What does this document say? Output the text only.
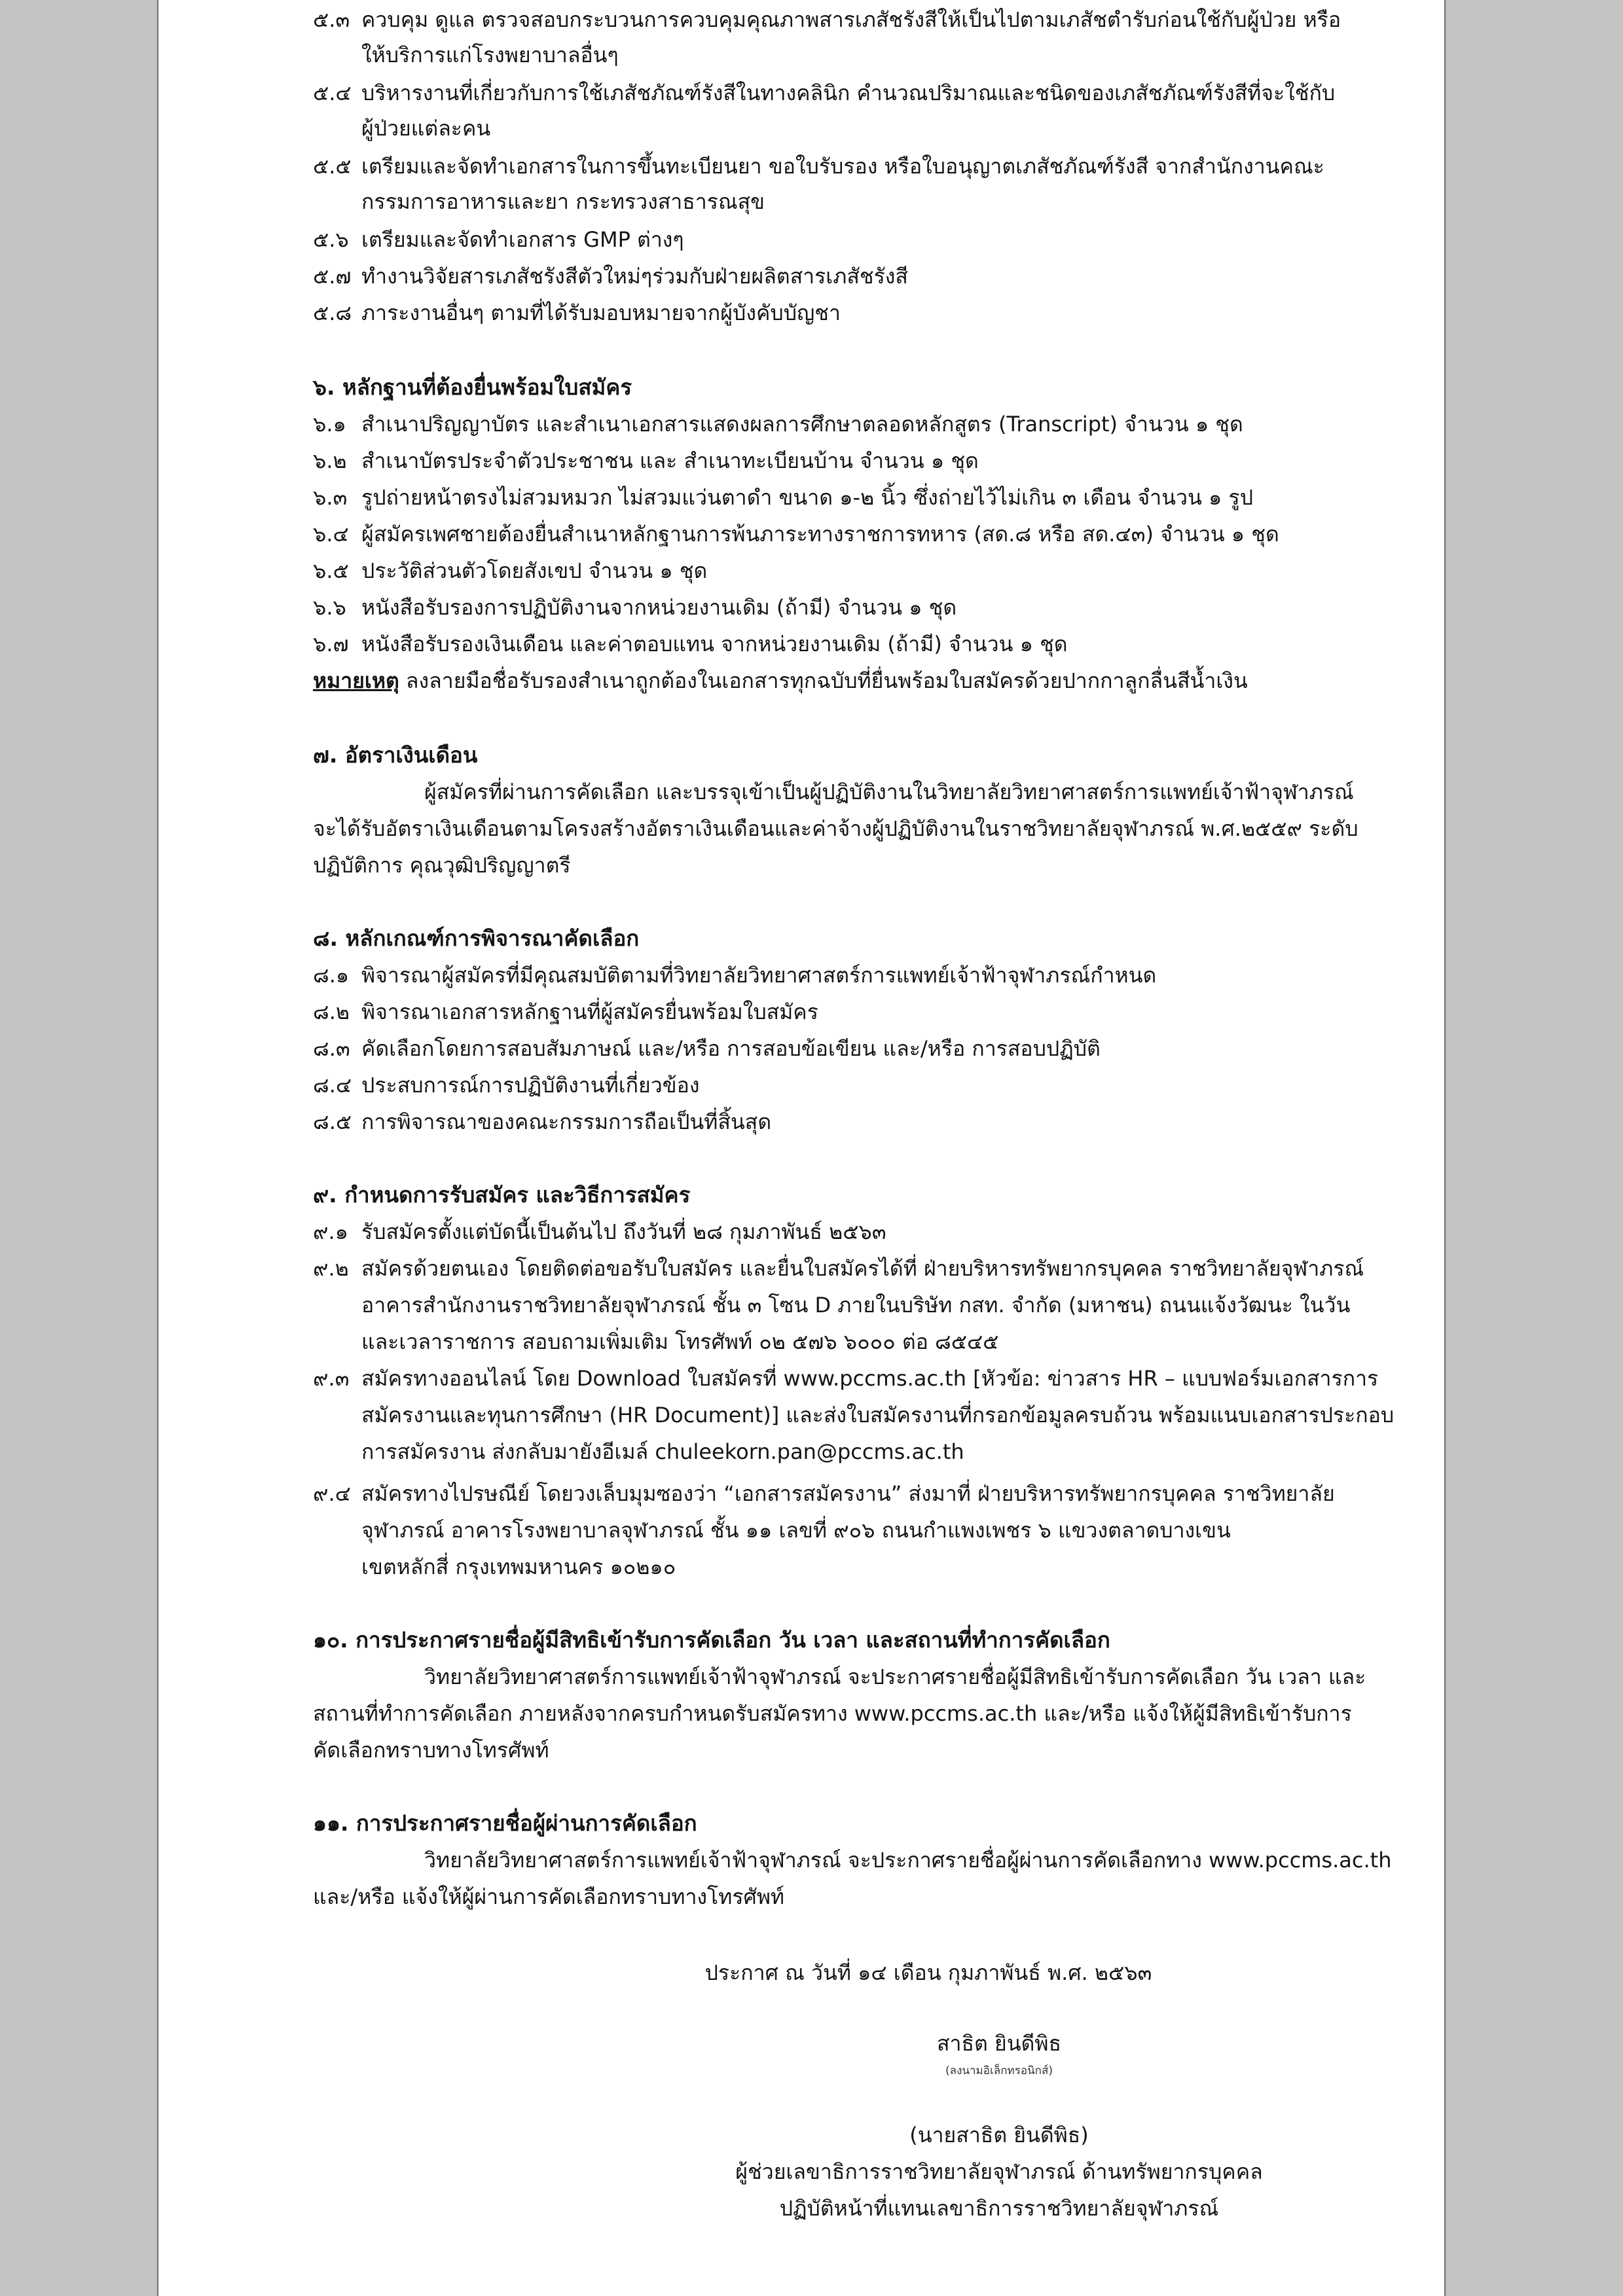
๕.๓ ควบคุม ดูแล ตรวจสอบกระบวนการควบคุมคุณภาพสารเภสัชรังสีให้เป็นไปตามเภสัชตำรับก่อนใช้กับผู้ป่วย หรือ
ให้บริการแก่โรงพยาบาลอื่นๆ
๕.๔ บริหารงานที่เกี่ยวกับการใช้เภสัชภัณฑ์รังสีในทางคลินิก คำนวณปริมาณและชนิดของเภสัชภัณฑ์รังสีที่จะใช้กับ
ผู้ป่วยแต่ละคน
๕.๕ เตรียมและจัดทำเอกสารในการขึ้นทะเบียนยา ขอใบรับรอง หรือใบอนุญาตเภสัชภัณฑ์รังสี จากสำนักงานคณะ
กรรมการอาหารและยา กระทรวงสาธารณสุข
๕.๖ เตรียมและจัดทำเอกสาร GMP ต่างๆ
๕.๗ ทำงานวิจัยสารเภสัชรังสีตัวใหม่ๆร่วมกับฝ่ายผลิตสารเภสัชรังสี
๕.๘ ภาระงานอื่นๆ ตามที่ได้รับมอบหมายจากผู้บังคับบัญชา
๖. หลักฐานที่ต้องยื่นพร้อมใบสมัคร
๖.๑ สำเนาปริญญาบัตร และสำเนาเอกสารแสดงผลการศึกษาตลอดหลักสูตร (Transcript) จำนวน ๑ ชุด
๖.๒ สำเนาบัตรประจำตัวประชาชน และ สำเนาทะเบียนบ้าน จำนวน ๑ ชุด
๖.๓ รูปถ่ายหน้าตรงไม่สวมหมวก ไม่สวมแว่นตาดำ ขนาด ๑-๒ นิ้ว ซึ่งถ่ายไว้ไม่เกิน ๓ เดือน จำนวน ๑ รูป
๖.๔ ผู้สมัครเพศชายต้องยื่นสำเนาหลักฐานการพ้นภาระทางราชการทหาร (สด.๘ หรือ สด.๔๓) จำนวน ๑ ชุด
๖.๕ ประวัติส่วนตัวโดยสังเขป จำนวน ๑ ชุด
๖.๖ หนังสือรับรองการปฏิบัติงานจากหน่วยงานเดิม (ถ้ามี) จำนวน ๑ ชุด
๖.๗ หนังสือรับรองเงินเดือน และค่าตอบแทน จากหน่วยงานเดิม (ถ้ามี) จำนวน ๑ ชุด
หมายเหตุ ลงลายมือชื่อรับรองสำเนาถูกต้องในเอกสารทุกฉบับที่ยื่นพร้อมใบสมัครด้วยปากกาลูกลื่นสีน้ำเงิน
๗. อัตราเงินเดือน
ผู้สมัครที่ผ่านการคัดเลือก และบรรจุเข้าเป็นผู้ปฏิบัติงานในวิทยาลัยวิทยาศาสตร์การแพทย์เจ้าฟ้าจุฬาภรณ์
จะได้รับอัตราเงินเดือนตามโครงสร้างอัตราเงินเดือนและค่าจ้างผู้ปฏิบัติงานในราชวิทยาลัยจุฬาภรณ์ พ.ศ.๒๕๕๙ ระดับ
ปฏิบัติการ คุณวุฒิปริญญาตรี
๘. หลักเกณฑ์การพิจารณาคัดเลือก
๘.๑ พิจารณาผู้สมัครที่มีคุณสมบัติตามที่วิทยาลัยวิทยาศาสตร์การแพทย์เจ้าฟ้าจุฬาภรณ์กำหนด
๘.๒ พิจารณาเอกสารหลักฐานที่ผู้สมัครยื่นพร้อมใบสมัคร
๘.๓ คัดเลือกโดยการสอบสัมภาษณ์ และ/หรือ การสอบข้อเขียน และ/หรือ การสอบปฏิบัติ
๘.๔ ประสบการณ์การปฏิบัติงานที่เกี่ยวข้อง
๘.๕ การพิจารณาของคณะกรรมการถือเป็นที่สิ้นสุด
๙. กำหนดการรับสมัคร และวิธีการสมัคร
๙.๑ รับสมัครตั้งแต่บัดนี้เป็นต้นไป ถึงวันที่ ๒๘ กุมภาพันธ์ ๒๕๖๓
๙.๒ สมัครด้วยตนเอง โดยติดต่อขอรับใบสมัคร และยื่นใบสมัครได้ที่ ฝ่ายบริหารทรัพยากรบุคคล ราชวิทยาลัยจุฬาภรณ์
อาคารสำนักงานราชวิทยาลัยจุฬาภรณ์ ชั้น ๓ โซน D ภายในบริษัท กสท. จำกัด (มหาชน) ถนนแจ้งวัฒนะ ในวัน
และเวลาราชการ สอบถามเพิ่มเติม โทรศัพท์ ๐๒ ๕๗๖ ๖๐๐๐ ต่อ ๘๕๔๕
๙.๓ สมัครทางออนไลน์ โดย Download ใบสมัครที่ www.pccms.ac.th [หัวข้อ: ข่าวสาร HR – แบบฟอร์มเอกสารการ
สมัครงานและทุนการศึกษา (HR Document)] และส่งใบสมัครงานที่กรอกข้อมูลครบถ้วน พร้อมแนบเอกสารประกอบ
การสมัครงาน ส่งกลับมายังอีเมล์ chuleekorn.pan@pccms.ac.th
๙.๔ สมัครทางไปรษณีย์ โดยวงเล็บมุมซองว่า “เอกสารสมัครงาน” ส่งมาที่ ฝ่ายบริหารทรัพยากรบุคคล ราชวิทยาลัย
จุฬาภรณ์ อาคารโรงพยาบาลจุฬาภรณ์ ชั้น ๑๑ เลขที่ ๙๐๖ ถนนกำแพงเพชร ๖ แขวงตลาดบางเขน
เขตหลักสี่ กรุงเทพมหานคร ๑๐๒๑๐
๑๐. การประกาศรายชื่อผู้มีสิทธิเข้ารับการคัดเลือก วัน เวลา และสถานที่ทำการคัดเลือก
วิทยาลัยวิทยาศาสตร์การแพทย์เจ้าฟ้าจุฬาภรณ์ จะประกาศรายชื่อผู้มีสิทธิเข้ารับการคัดเลือก วัน เวลา และ
สถานที่ทำการคัดเลือก ภายหลังจากครบกำหนดรับสมัครทาง www.pccms.ac.th และ/หรือ แจ้งให้ผู้มีสิทธิเข้ารับการ
คัดเลือกทราบทางโทรศัพท์
๑๑. การประกาศรายชื่อผู้ผ่านการคัดเลือก
วิทยาลัยวิทยาศาสตร์การแพทย์เจ้าฟ้าจุฬาภรณ์ จะประกาศรายชื่อผู้ผ่านการคัดเลือกทาง www.pccms.ac.th
และ/หรือ แจ้งให้ผู้ผ่านการคัดเลือกทราบทางโทรศัพท์
ประกาศ ณ วันที่ ๑๔ เดือน กุมภาพันธ์ พ.ศ. ๒๕๖๓
สาธิต ยินดีพิธ
(ลงนามอิเล็กทรอนิกส์)
(นายสาธิต ยินดีพิธ)
ผู้ช่วยเลขาธิการราชวิทยาลัยจุฬาภรณ์ ด้านทรัพยากรบุคคล
ปฏิบัติหน้าที่แทนเลขาธิการราชวิทยาลัยจุฬาภรณ์
